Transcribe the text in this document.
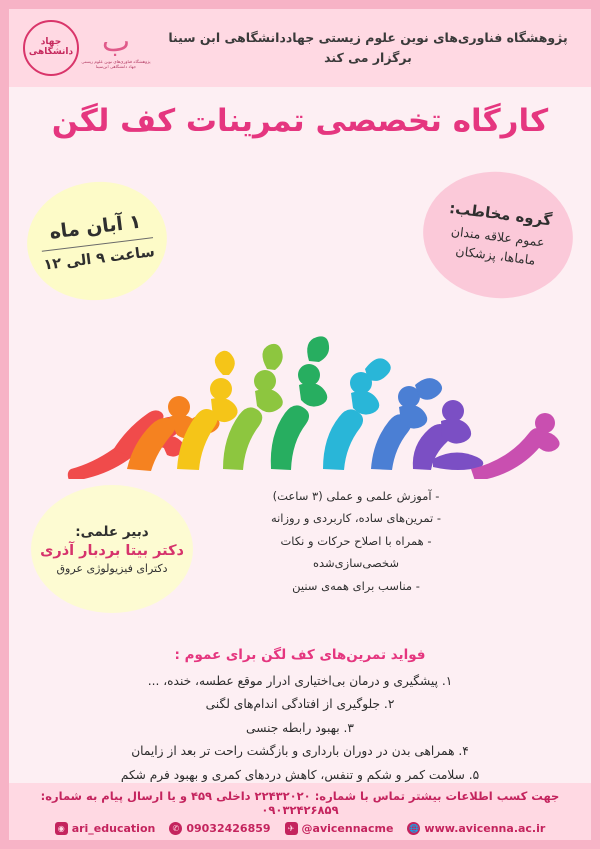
جهاد دانشگاهی ب
پژوهشگاه فناوری‌های نوین علوم زیستی جهاد دانشگاهی ابن‌سینا
پژوهشگاه فناوری‌های نوین علوم زیستی جهاددانشگاهی ابن سینا برگزار می کند
کارگاه تخصصی تمرینات کف لگن
۱ آبان ماه
ساعت ۹ الی ۱۲
گروه مخاطب:
عموم علاقه مندان
ماماها، پزشکان
دبیر علمی:
دکتر بیتا بردبار آذری
دکترای فیزیولوژی عروق
- آموزش علمی و عملی (۳ ساعت)
- تمرین‌های ساده، کاربردی و روزانه
- همراه با اصلاح حرکات و نکات
شخصی‌سازی‌شده
- مناسب برای همه‌ی سنین
فواید تمرین‌های کف لگن برای عموم :
۱. پیشگیری و درمان بی‌اختیاری ادرار موقع عطسه، خنده، ...
۲. جلوگیری از افتادگی اندام‌های لگنی
۳. بهبود رابطه جنسی
۴. همراهی بدن در دوران بارداری و بازگشت راحت تر بعد از زایمان
۵. سلامت کمر و شکم و تنفس، کاهش دردهای کمری و بهبود فرم شکم
جهت کسب اطلاعات بیشتر تماس با شماره: ۲۲۴۳۲۰۲۰ داخلی ۴۵۹ و یا ارسال پیام به شماره: ۰۹۰۳۲۴۲۶۸۵۹
🌐 www.avicenna.ac.ir
✈ @avicennacme
✆ 09032426859
◉ ari_education
